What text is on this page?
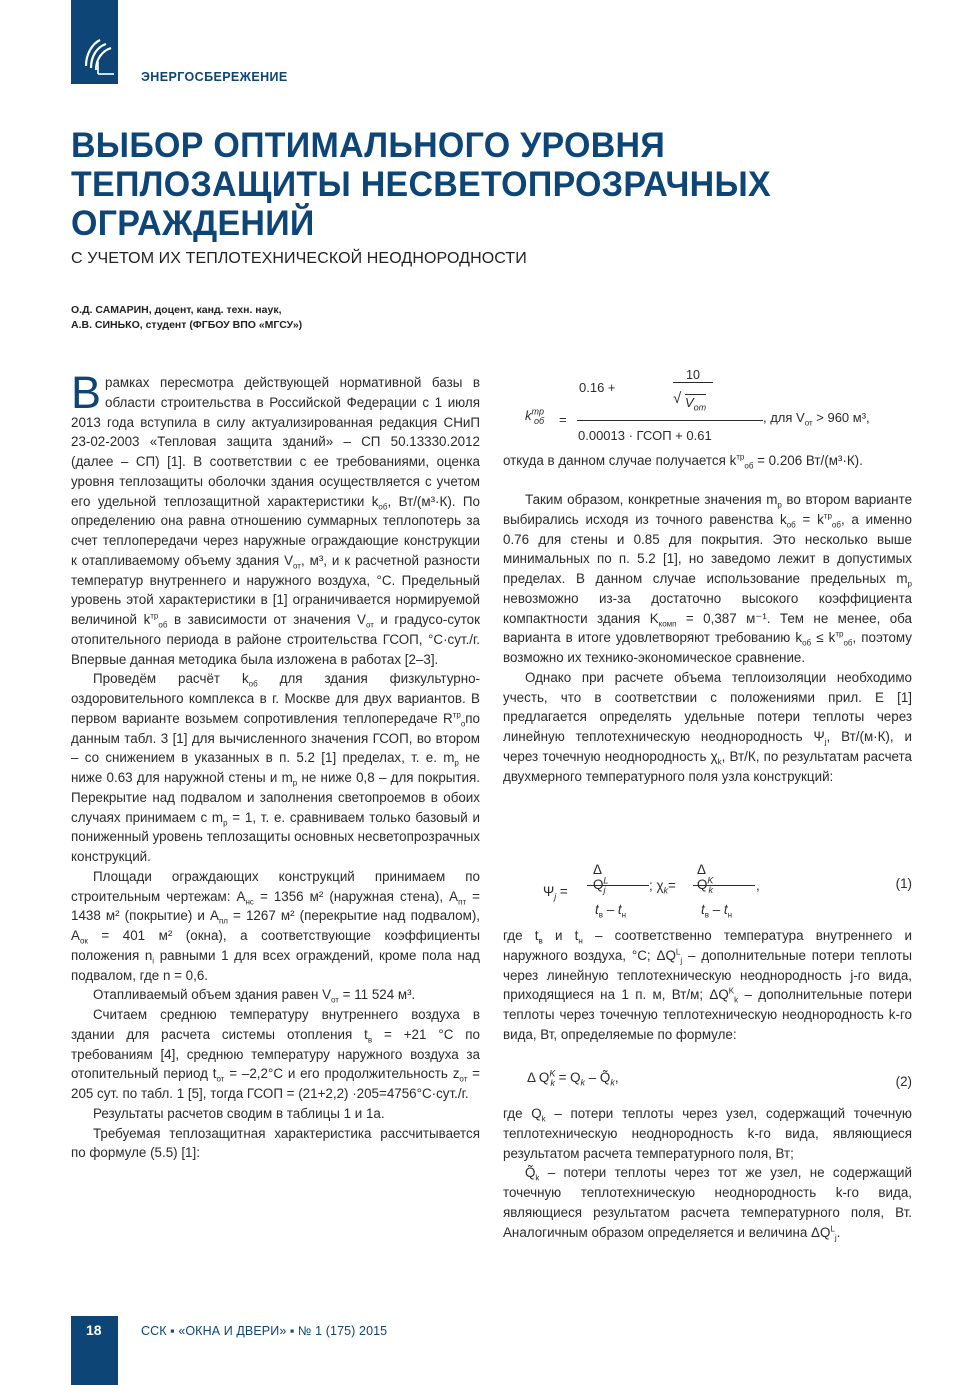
ЭНЕРГОСБЕРЕЖЕНИЕ
ВЫБОР ОПТИМАЛЬНОГО УРОВНЯ
ТЕПЛОЗАЩИТЫ НЕСВЕТОПРОЗРАЧНЫХ
ОГРАЖДЕНИЙ
С УЧЕТОМ ИХ ТЕПЛОТЕХНИЧЕСКОЙ НЕОДНОРОДНОСТИ
О.Д. САМАРИН, доцент, канд. техн. наук,
А.В. СИНЬКО, студент (ФГБОУ ВПО «МГСУ»)

В рамках пересмотра действующей нормативной базы в области строительства в Российской Федерации с 1 июля 2013 года вступила в силу актуализированная редакция СНиП 23-02-2003 «Тепловая защита зданий» – СП 50.13330.2012 (далее – СП) [1]. В соответствии с ее требованиями, оценка уровня теплозащиты оболочки здания осуществляется с учетом его удельной теплозащитной характеристики $k_{об}$, Вт/(м³·К). По определению она равна отношению суммарных теплопотерь за счет теплопередачи через наружные ограждающие конструкции к отапливаемому объему здания $V_{от}$, м³, и к расчетной разности температур внутреннего и наружного воздуха, °С. Предельный уровень этой характеристики в [1] ограничивается нормируемой величиной $k^{тр}_{об}$ в зависимости от значения $V_{от}$ и градусо-суток отопительного периода в районе строительства ГСОП, °С·сут./г. Впервые данная методика была изложена в работах [2–3].

Проведём расчёт $k_{об}$ для здания физкультурно-оздоровительного комплекса в г. Москве для двух вариантов. В первом варианте возьмем сопротивления теплопередаче $R^{тр}_опо$ данным табл. 3 [1] для вычисленного значения ГСОП, во втором – со снижением в указанных в п. 5.2 [1] пределах, т. е. $m_р$ не ниже 0.63 для наружной стены и $m_р$ не ниже 0,8 – для покрытия. Перекрытие над подвалом и заполнения светопроемов в обоих случаях принимаем с $m_р = 1$, т. е. сравниваем только базовый и пониженный уровень теплозащиты основных несветопрозрачных конструкций.

Площади ограждающих конструкций принимаем по строительным чертежам: $A_{нс} = 1356$ м² (наружная стена), $A_{пт} = 1438$ м² (покрытие) и $A_{пл} = 1267$ м² (перекрытие над подвалом), $A_{ок} = 401$ м² (окна), а соответствующие коэффициенты положения $n_i$ равными 1 для всех ограждений, кроме пола над подвалом, где n = 0,6.

Отапливаемый объем здания равен $V_{от} = 11$ 524 м³.

Считаем среднюю температуру внутреннего воздуха в здании для расчета системы отопления $t_в = +21$ °С по требованиям [4], среднюю температуру наружного воздуха за отопительный период $t_{от} = -2,2^\circ С$ и его продолжительность $z_{от} = 205$ сут. по табл. 1 [5], тогда ГСОП = (21+2,2) ·205=4756°С·сут./г.

Результаты расчетов сводим в таблицы 1 и 1а.

Требуемая теплозащитная характеристика рассчитывается по формуле (5.5) [1]:

$k^{mp}_{об}$ =
0.16 +
10
√ $V_{om}$
0.00013 · ГСОП + 0.61
, для $V_{от} > 960$ м³,

откуда в данном случае получается $k^{тр}_{об} = 0.206$ Вт/(м³·К).

Таким образом, конкретные значения $m_р$ во втором варианте выбирались исходя из точного равенства $k_{об} = k^{тр}_{об}$, а именно 0.76 для стены и 0.85 для покрытия. Это несколько выше минимальных по п. 5.2 [1], но заведомо лежит в допустимых пределах. В данном случае использование предельных $m_р$ невозможно из-за достаточно высокого коэффициента компактности здания $K_{комп} = 0,387$ м⁻¹. Тем не менее, оба варианта в итоге удовлетворяют требованию $k_{об} \le k^{тр}_{об}$, поэтому возможно их технико-экономическое сравнение.

Однако при расчете объема теплоизоляции необходимо учесть, что в соответствии с положениями прил. Е [1] предлагается определять удельные потери теплоты через линейную теплотехническую неоднородность $\Psi_j$, Вт/(м·К), и через точечную неоднородность $\chi_k$, Вт/К, по результатам расчета двухмерного температурного поля узла конструкций:

$\Psi_j$ =
Δ $Q^L_j$
$t_в - t_н$
; $\chi_k=$
Δ $Q^K_k$	,
$t_в - t_н$
(1)

где $t_в$ и $t_н$ – соответственно температура внутреннего и наружного воздуха, °С; $\Delta Q^L_j$ – дополнительные потери теплоты через линейную теплотехническую неоднородность j-го вида, приходящиеся на 1 п. м, Вт/м; $\Delta Q^K_k$ – дополнительные потери теплоты через точечную теплотехническую неоднородность k-го вида, Вт, определяемые по формуле:

Δ $Q^K_k = Q_k$ – $Q̃_k$,	(2)

где $Q_k$ – потери теплоты через узел, содержащий точечную теплотехническую неоднородность k-го вида, являющиеся результатом расчета температурного поля, Вт;

$Q̃_k$ – потери теплоты через тот же узел, не содержащий точечную теплотехническую неоднородность k-го вида, являющиеся результатом расчета температурного поля, Вт. Аналогичным образом определяется и величина $\Delta Q^L_j$.

18	ССК ▪ «ОКНА И ДВЕРИ» ▪ № 1 (175) 2015
